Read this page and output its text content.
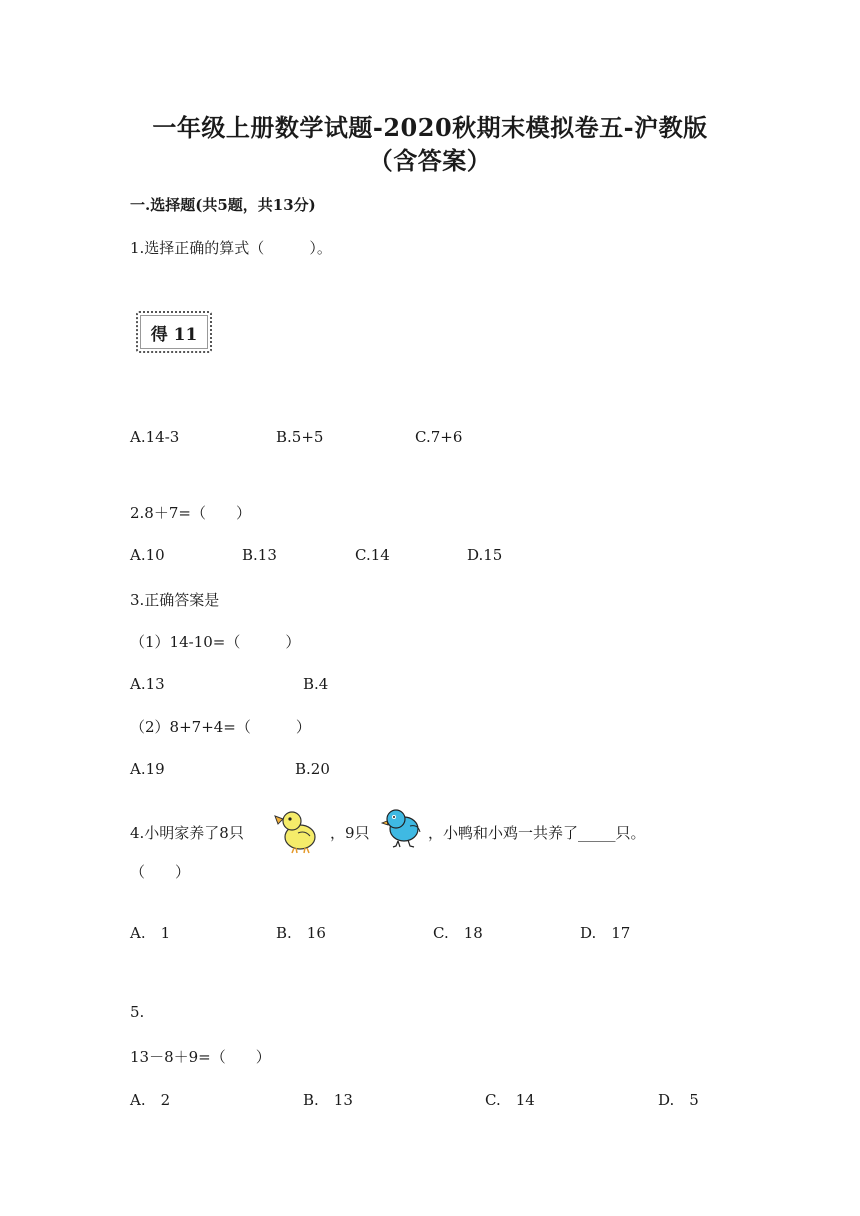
一年级上册数学试题-2020秋期末模拟卷五-沪教版
（含答案）
一.选择题(共5题，共13分)
1.选择正确的算式（　　　）。
得 11
A.14-3	B.5+5	C.7+6
2.8＋7=（　　）
A.10	B.13	C.14	D.15
3.正确答案是
（1）14-10=（　　　）
A.13	B.4
（2）8+7+4=（　　　）
A.19	B.20
4.小明家养了8只	，9只	，小鸭和小鸡一共养了_____只。
（　　）
A.　1	B.　16	C.　18	D.　17
5.
13－8＋9=（　　）
A.　2	B.　13	C.　14	D.　5
